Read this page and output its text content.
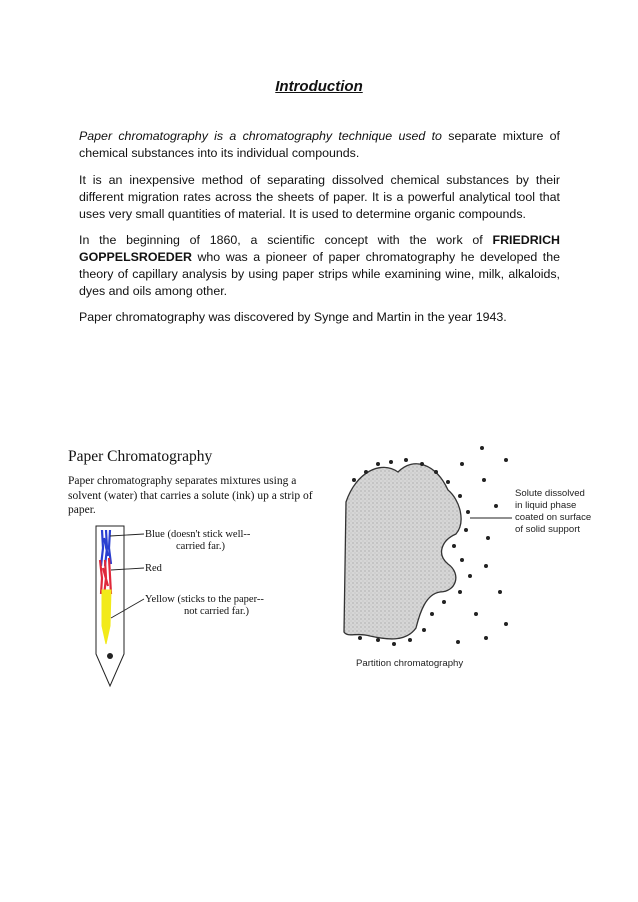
Introduction
Paper chromatography is a chromatography technique used to separate mixture of chemical substances into its individual compounds.
It is an inexpensive method of separating dissolved chemical substances by their different migration rates across the sheets of paper. It is a powerful analytical tool that uses very small quantities of material. It is used to determine organic compounds.
In the beginning of 1860, a scientific concept with the work of FRIEDRICH GOPPELSROEDER who was a pioneer of paper chromatography he developed the theory of capillary analysis by using paper strips while examining wine, milk, alkaloids, dyes and oils among other.
Paper chromatography was discovered by Synge and Martin in the year 1943.
Paper Chromatography
Paper chromatography separates mixtures using a solvent (water) that carries a solute (ink) up a strip of paper.
Blue (doesn't stick well--
carried far.)
Red
Yellow (sticks to the paper--
not carried far.)
Solute dissolved
in liquid phase
coated on surface
of solid support
Partition chromatography
